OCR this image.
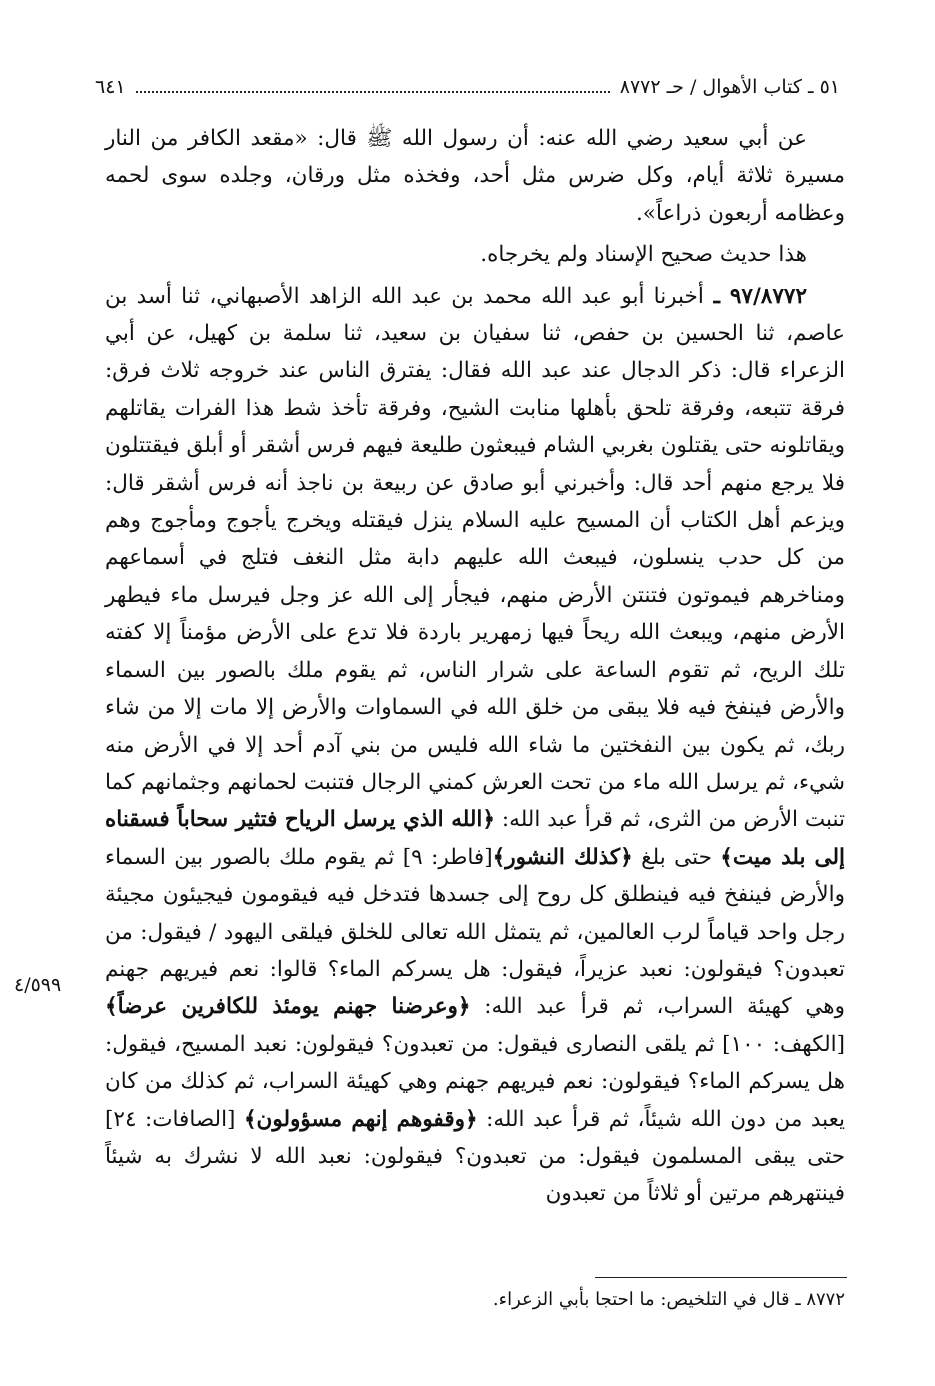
٥١ ـ كتاب الأهوال / حـ ٨٧٧٢
٦٤١

عن أبي سعيد رضي الله عنه: أن رسول الله ﷺ قال: «مقعد الكافر من النار مسيرة ثلاثة أيام، وكل ضرس مثل أحد، وفخذه مثل ورقان، وجلده سوى لحمه وعظامه أربعون ذراعاً».

هذا حديث صحيح الإسناد ولم يخرجاه.

٩٧/٨٧٧٢ ـ أخبرنا أبو عبد الله محمد بن عبد الله الزاهد الأصبهاني، ثنا أسد بن عاصم، ثنا الحسين بن حفص، ثنا سفيان بن سعيد، ثنا سلمة بن كهيل، عن أبي الزعراء قال: ذكر الدجال عند عبد الله فقال: يفترق الناس عند خروجه ثلاث فرق: فرقة تتبعه، وفرقة تلحق بأهلها منابت الشيح، وفرقة تأخذ شط هذا الفرات يقاتلهم ويقاتلونه حتى يقتلون بغربي الشام فيبعثون طليعة فيهم فرس أشقر أو أبلق فيقتتلون فلا يرجع منهم أحد قال: وأخبرني أبو صادق عن ربيعة بن ناجذ أنه فرس أشقر قال: ويزعم أهل الكتاب أن المسيح عليه السلام ينزل فيقتله ويخرج يأجوج ومأجوج وهم من كل حدب ينسلون، فيبعث الله عليهم دابة مثل النغف فتلج في أسماعهم ومناخرهم فيموتون فتنتن الأرض منهم، فيجأر إلى الله عز وجل فيرسل ماء فيطهر الأرض منهم، ويبعث الله ريحاً فيها زمهرير باردة فلا تدع على الأرض مؤمناً إلا كفته تلك الريح، ثم تقوم الساعة على شرار الناس، ثم يقوم ملك بالصور بين السماء والأرض فينفخ فيه فلا يبقى من خلق الله في السماوات والأرض إلا مات إلا من شاء ربك، ثم يكون بين النفختين ما شاء الله فليس من بني آدم أحد إلا في الأرض منه شيء، ثم يرسل الله ماء من تحت العرش كمني الرجال فتنبت لحمانهم وجثمانهم كما تنبت الأرض من الثرى، ثم قرأ عبد الله: ﴿الله الذي يرسل الرياح فتثير سحاباً فسقناه إلى بلد ميت﴾ حتى بلغ ﴿كذلك النشور﴾[فاطر: ٩] ثم يقوم ملك بالصور بين السماء والأرض فينفخ فيه فينطلق كل روح إلى جسدها فتدخل فيه فيقومون فيجيئون مجيئة رجل واحد قياماً لرب العالمين، ثم يتمثل الله تعالى للخلق فيلقى اليهود / فيقول: من تعبدون؟ فيقولون: نعبد عزيراً، فيقول: هل يسركم الماء؟ قالوا: نعم فيريهم جهنم وهي كهيئة السراب، ثم قرأ عبد الله: ﴿وعرضنا جهنم يومئذ للكافرين عرضاً﴾ [الكهف: ١٠٠] ثم يلقى النصارى فيقول: من تعبدون؟ فيقولون: نعبد المسيح، فيقول: هل يسركم الماء؟ فيقولون: نعم فيريهم جهنم وهي كهيئة السراب، ثم كذلك من كان يعبد من دون الله شيئاً، ثم قرأ عبد الله: ﴿وقفوهم إنهم مسؤولون﴾ [الصافات: ٢٤] حتى يبقى المسلمون فيقول: من تعبدون؟ فيقولون: نعبد الله لا نشرك به شيئاً فينتهرهم مرتين أو ثلاثاً من تعبدون

٤/٥٩٩
٨٧٧٢ ـ قال في التلخيص: ما احتجا بأبي الزعراء.
